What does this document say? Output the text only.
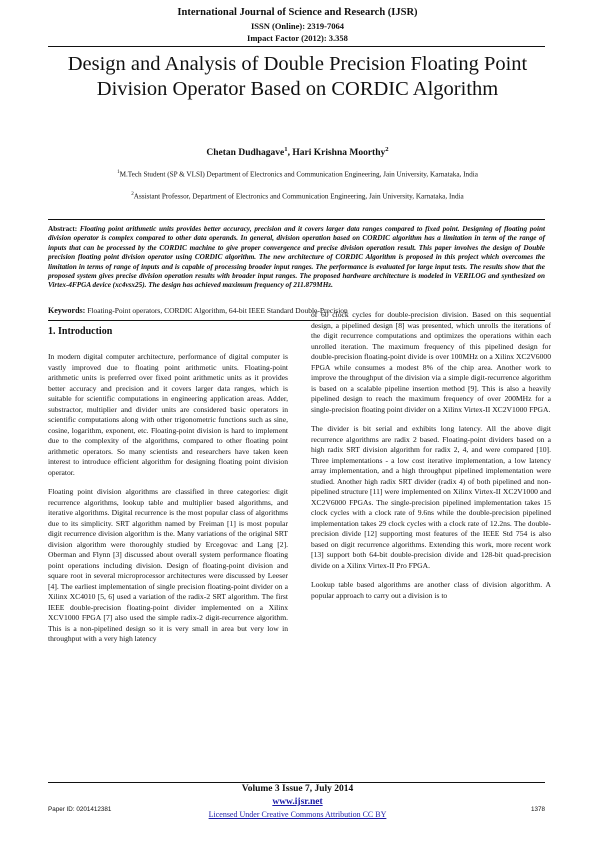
International Journal of Science and Research (IJSR)
ISSN (Online): 2319-7064
Impact Factor (2012): 3.358
Design and Analysis of Double Precision Floating Point Division Operator Based on CORDIC Algorithm
Chetan Dudhagave$^1$, Hari Krishna Moorthy$^2$
$^1$M.Tech Student (SP & VLSI) Department of Electronics and Communication Engineering, Jain University, Karnataka, India
$^2$Assistant Professor, Department of Electronics and Communication Engineering, Jain University, Karnataka, India
Abstract: Floating point arithmetic units provides better accuracy, precision and it covers larger data ranges compared to fixed point. Designing of floating point division operator is complex compared to other data operands. In general, division operation based on CORDIC algorithm has a limitation in term of the range of inputs that can be processed by the CORDIC machine to give proper convergence and precise division operation result. This paper involves the design of Double precision floating point division operator using CORDIC algorithm. The new architecture of CORDIC Algorithm is proposed in this project which overcomes the limitation in terms of range of inputs and is capable of processing broader input ranges. The performance is evaluated for large input tests. The results show that the proposed system gives precise division operation results with broader input ranges. The proposed hardware architecture is modeled in VERILOG and synthesized on Virtex-4FPGA device (xc4vsx25). The design has achieved maximum frequency of 211.879MHz.
Keywords: Floating-Point operators, CORDIC Algorithm, 64-bit IEEE Standard Double-Precision
1. Introduction

In modern digital computer architecture, performance of digital computer is vastly improved due to floating point arithmetic units. Floating-point arithmetic units is preferred over fixed point arithmetic units as it provides better accuracy and precision and it covers larger data ranges, which is suitable for scientific computations in engineering application areas. Adder, substractor, multiplier and divider units are considered basic operators in scientific computations along with other trigonometric functions such as sine, cosine, logarithm, exponent, etc. Floating-point division is hard to implement due to the complexity of the algorithms, compared to other floating point arithmetic operators. So many scientists and researchers have taken keen interest to introduce efficient algorithm for designing floating point division operator.

Floating point division algorithms are classified in three categories: digit recurrence algorithms, lookup table and multiplier based algorithms, and iterative algorithms. Digital recurrence is the most popular class of algorithms due to its simplicity. SRT algorithm named by Freiman [1] is most popular digit recurrence division algorithm is the. Many variations of the original SRT division algorithm were thoroughly studied by Ercegovac and Lang [2]. Oberman and Flynn [3] discussed about overall system performance floating point operations including division. Design of floating-point division and square root in several microprocessor architectures were discussed by Leeser [4]. The earliest implementation of single precision floating-point divider on a Xilinx XC4010 [5, 6] used a variation of the radix-2 SRT algorithm. The first IEEE double-precision floating-point divider implemented on a Xilinx XCV1000 FPGA [7] also used the simple radix-2 digit-recurrence algorithm. This is a non-pipelined design so it is very small in area but very low in throughput with a very high latency

of 60 clock cycles for double-precision division. Based on this sequential design, a pipelined design [8] was presented, which unrolls the iterations of the digit recurrence computations and optimizes the operations within each unrolled iteration. The maximum frequency of this pipelined design for double-precision floating-point divide is over 100MHz on a Xilinx XC2V6000 FPGA while consumes a modest 8% of the chip area. Another work to improve the throughput of the division via a simple digit-recurrence algorithm is based on a scalable pipeline insertion method [9]. This is also a heavily pipelined design to reach the maximum frequency of over 200MHz for a single-precision floating point divider on a Xilinx Virtex-II XC2V1000 FPGA.

The divider is bit serial and exhibits long latency. All the above digit recurrence algorithms are radix 2 based. Floating-point dividers based on a high radix SRT division algorithm for radix 2, 4, and were compared [10]. Three implementations - a low cost iterative implementation, a low latency array implementation, and a high throughput pipelined implementation were studied. Another high radix SRT divider (radix 4) of both pipelined and non-pipelined structure [11] were implemented on Xilinx Virtex-II XC2V1000 and XC2V6000 FPGAs. The single-precision pipelined implementation takes 15 clock cycles with a clock rate of 9.6ns while the double-precision pipelined implementation takes 29 clock cycles with a clock rate of 12.2ns. The double-precision divide [12] supporting most features of the IEEE Std 754 is also based on digit recurrence algorithms. Extending this work, more recent work [13] support both 64-bit double-precision divide and 128-bit quad-precision divide on a Xilinx Virtex-II Pro FPGA.

Lookup table based algorithms are another class of division algorithm. A popular approach to carry out a division is to

Volume 3 Issue 7, July 2014
www.ijsr.net
Paper ID: 0201412381
Licensed Under Creative Commons Attribution CC BY
1378
